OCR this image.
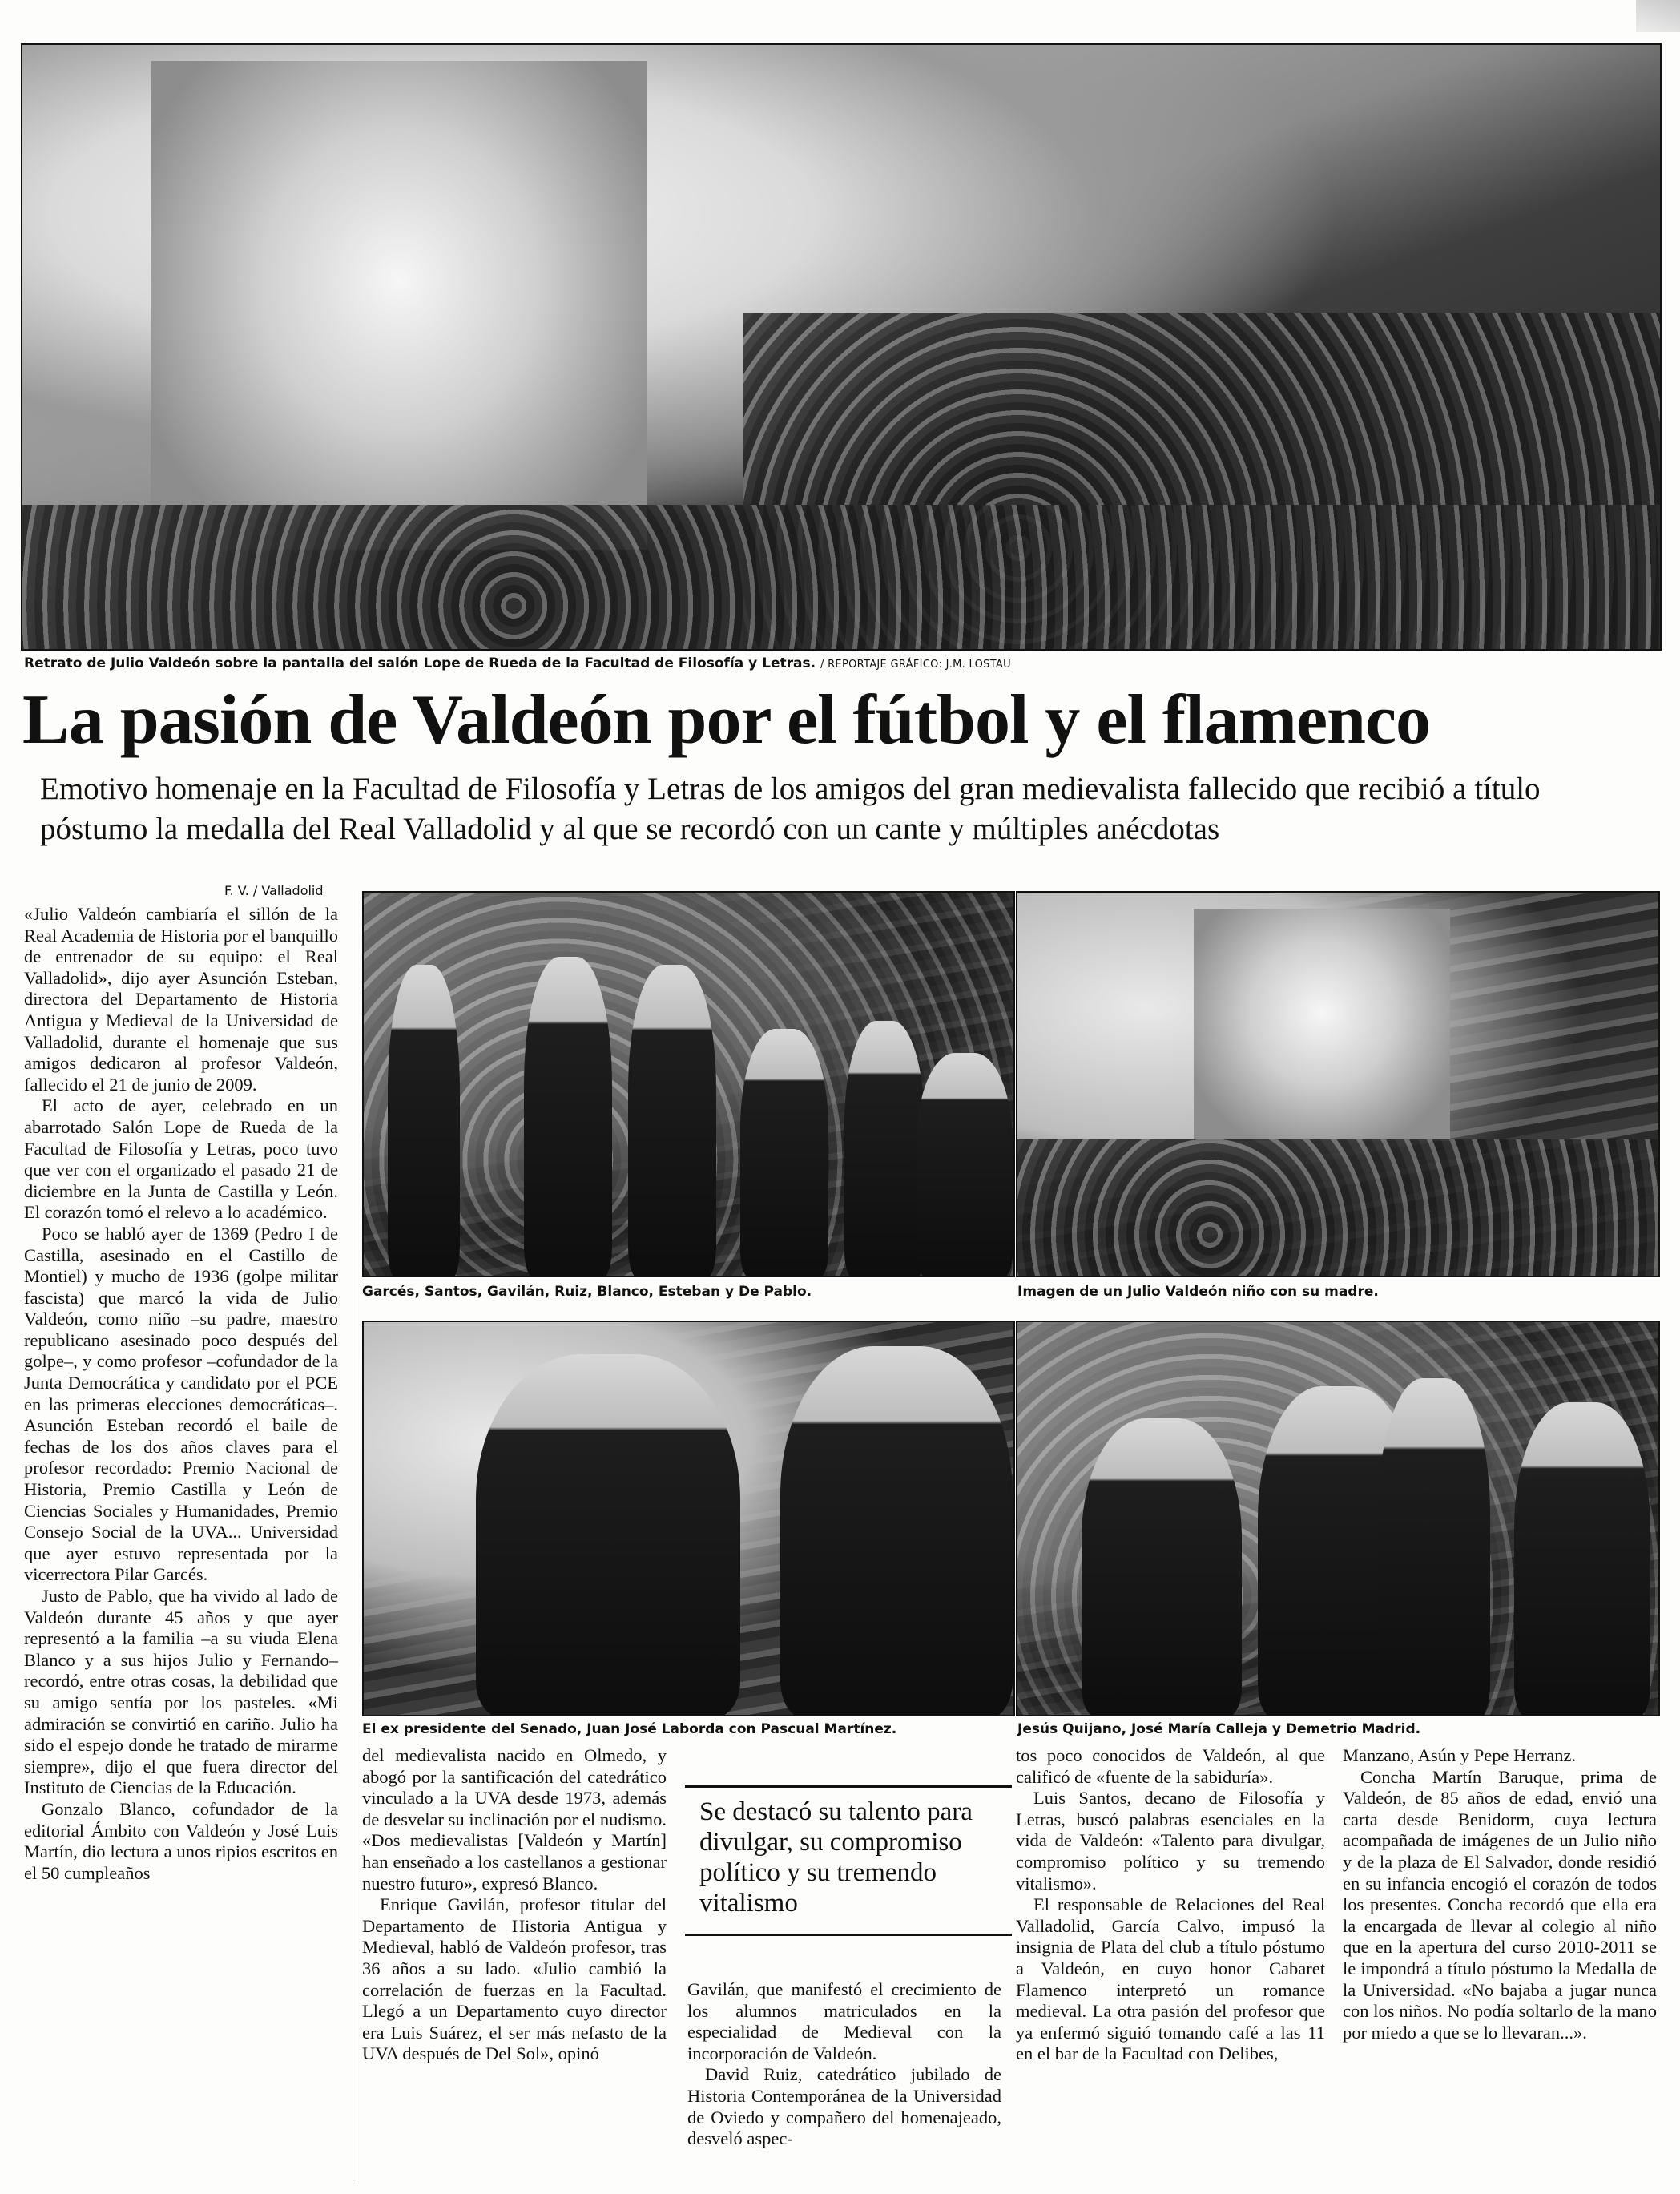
Retrato de Julio Valdeón sobre la pantalla del salón Lope de Rueda de la Facultad de Filosofía y Letras. / REPORTAJE GRÁFICO: J.M. LOSTAU
La pasión de Valdeón por el fútbol y el flamenco
Emotivo homenaje en la Facultad de Filosofía y Letras de los amigos del gran medievalista fallecido que recibió a título póstumo la medalla del Real Valladolid y al que se recordó con un cante y múltiples anécdotas
F. V. / Valladolid
Garcés, Santos, Gavilán, Ruiz, Blanco, Esteban y De Pablo.	Imagen de un Julio Valdeón niño con su madre.
El ex presidente del Senado, Juan José Laborda con Pascual Martínez.	Jesús Quijano, José María Calleja y Demetrio Madrid.

«Julio Valdeón cambiaría el sillón de la Real Academia de Historia por el banquillo de entrenador de su equipo: el Real Valladolid», dijo ayer Asunción Esteban, directora del Departamento de Historia Antigua y Medieval de la Universidad de Valladolid, durante el homenaje que sus amigos dedicaron al profesor Valdeón, fallecido el 21 de junio de 2009.

El acto de ayer, celebrado en un abarrotado Salón Lope de Rueda de la Facultad de Filosofía y Letras, poco tuvo que ver con el organizado el pasado 21 de diciembre en la Junta de Castilla y León. El corazón tomó el relevo a lo académico.

Poco se habló ayer de 1369 (Pedro I de Castilla, asesinado en el Castillo de Montiel) y mucho de 1936 (golpe militar fascista) que marcó la vida de Julio Valdeón, como niño –su padre, maestro republicano asesinado poco después del golpe–, y como profesor –cofundador de la Junta Democrática y candidato por el PCE en las primeras elecciones democráticas–. Asunción Esteban recordó el baile de fechas de los dos años claves para el profesor recordado: Premio Nacional de Historia, Premio Castilla y León de Ciencias Sociales y Humanidades, Premio Consejo Social de la UVA... Universidad que ayer estuvo representada por la vicerrectora Pilar Garcés.

Justo de Pablo, que ha vivido al lado de Valdeón durante 45 años y que ayer representó a la familia –a su viuda Elena Blanco y a sus hijos Julio y Fernando– recordó, entre otras cosas, la debilidad que su amigo sentía por los pasteles. «Mi admiración se convirtió en cariño. Julio ha sido el espejo donde he tratado de mirarme siempre», dijo el que fuera director del Instituto de Ciencias de la Educación.

Gonzalo Blanco, cofundador de la editorial Ámbito con Valdeón y José Luis Martín, dio lectura a unos ripios escritos en el 50 cumpleaños

del medievalista nacido en Olmedo, y abogó por la santificación del catedrático vinculado a la UVA desde 1973, además de desvelar su inclinación por el nudismo. «Dos medievalistas [Valdeón y Martín] han enseñado a los castellanos a gestionar nuestro futuro», expresó Blanco.

Enrique Gavilán, profesor titular del Departamento de Historia Antigua y Medieval, habló de Valdeón profesor, tras 36 años a su lado. «Julio cambió la correlación de fuerzas en la Facultad. Llegó a un Departamento cuyo director era Luis Suárez, el ser más nefasto de la UVA después de Del Sol», opinó

Se destacó su talento para divulgar, su compromiso político y su tremendo vitalismo

Gavilán, que manifestó el crecimiento de los alumnos matriculados en la especialidad de Medieval con la incorporación de Valdeón.

David Ruiz, catedrático jubilado de Historia Contemporánea de la Universidad de Oviedo y compañero del homenajeado, desveló aspec-

tos poco conocidos de Valdeón, al que calificó de «fuente de la sabiduría».

Luis Santos, decano de Filosofía y Letras, buscó palabras esenciales en la vida de Valdeón: «Talento para divulgar, compromiso político y su tremendo vitalismo».

El responsable de Relaciones del Real Valladolid, García Calvo, impusó la insignia de Plata del club a título póstumo a Valdeón, en cuyo honor Cabaret Flamenco interpretó un romance medieval. La otra pasión del profesor que ya enfermó siguió tomando café a las 11 en el bar de la Facultad con Delibes,

Manzano, Asún y Pepe Herranz.

Concha Martín Baruque, prima de Valdeón, de 85 años de edad, envió una carta desde Benidorm, cuya lectura acompañada de imágenes de un Julio niño y de la plaza de El Salvador, donde residió en su infancia encogió el corazón de todos los presentes. Concha recordó que ella era la encargada de llevar al colegio al niño que en la apertura del curso 2010-2011 se le impondrá a título póstumo la Medalla de la Universidad. «No bajaba a jugar nunca con los niños. No podía soltarlo de la mano por miedo a que se lo llevaran...».
